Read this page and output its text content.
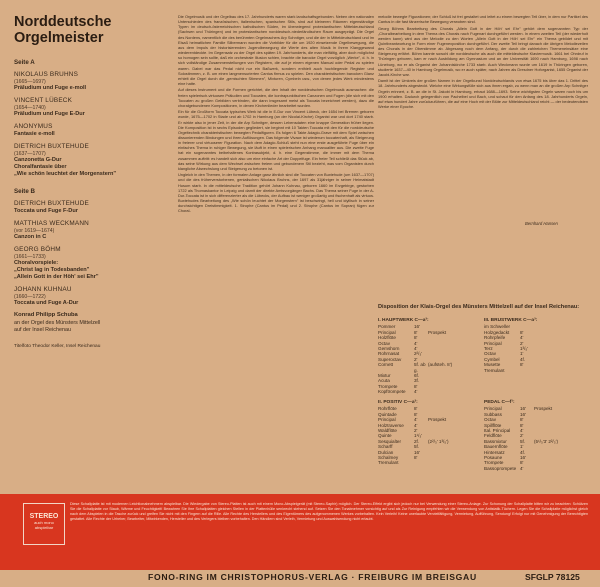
Norddeutsche
Orgelmeister
Seite A
NIKOLAUS BRUHNS
(1665—1697)
Präludium und Fuge e-moll
VINCENT LÜBECK
(1654—1740)
Präludium und Fuge E-Dur
ANONYMUS
Fantasie e-moll
DIETRICH BUXTEHUDE
(1637—1707)
Canzonetta G-Dur
Choralfantasie über
„Wie schön leuchtet der Morgenstern"
Seite B
DIETRICH BUXTEHUDE
Toccata und Fuge F-Dur
MATTHIAS WECKMANN
(vor 1619—1674)
Canzon in C
GEORG BÖHM
(1661—1733)
Choralvorspiele:
„Christ lag in Todesbanden"
„Allein Gott in der Höh' sei Ehr"
JOHANN KUHNAU
(1660—1722)
Toccata und Fuge A-Dur
Konrad Philipp Schuba
an der Orgel des Münsters Mittelzell
auf der Insel Reichenau
Titelfoto Theodor Keller, Insel Reichenau

Die Orgelmusik und der Orgelbau des 17. Jahrhunderts waren stark landschaftsgebunden. Neben den nationalen Unterschieden des französischen, italienischen, spanischen Stils, sind auf kleineren Räumen eigenständige Typen im deutsch-österreichischen katholischen Süden, im überwiegend protestantischen Mitteldeutschland (Sachsen und Thüringen) und im protestantischen norddeutsch-niederländischen Raum ausgeprägt. Die Orgel des Nordens, namentlich die des berühmten Orgelmachers Arp Schnitger, und die der in Mitteldeutschland und im Elsaß heimatlichen Familie Silbermann wurden die Vorbilder für die um 1920 einsetzende Orgelbewegung, die aus dem Impuls der historisierenden Jugendbewegung die Werte des alten Musik in ihrem Klanggewand wiederentdeckte. Im Gegensatz zu der Orgel des späten 19. Jahrhunderts, die man vielfältig, aber doch möglichst so homogen sein sollte, daß ein orchestrale Illusion schien, brachte die barocke Orgel vorzüglich „Werke", d. h. in sich vollständige Zusammenstellungen von Registern, die auf je einem eigenen Manual oder Pedal zu spielen waren. Dabei war das Pedal nicht nur ein Baßwerk, sondern enthielt auch hochliegende Register und Solostimmen, z. B. um einen langmensurierten Cantus firmus zu spielen. Den charakteristischen barocken Glanz erhielt die Orgel durch die „gemischten Stimmen", Mixturen, Cymbeln usw., von denen jedes Werk mindestens eine hatte.

Auf dieses Instrument und die Formen gerichtet, die den Inhalt der norddeutschen Orgelmusik ausmachen: die freien spielerisch-virtuosen Präludien und Toccaten, die kontrapunktischen Canzonen und Fugen (die sich mit den Toccaten zu großen Gebilden verbinden, die dann insgesamt meist als Toccata bezeichnet werden), dazu die choralgebundenen Kompositionen, in denen Kirchenlieder bearbeitet wurden.

Ein für die Großform Toccata typisches Werk ist die in E-Dur von Vincent Lübeck, der 1654 bei Bremen geboren wurde, 1675—1702 in Stade und ab 1702 in Hamburg (an der Nicolai-Kirche) Organist war und dort 1740 starb. Er wirkte also in jener Zeit, in der die Arp Schnitger, dessen Lebensdaten eine knappe Generation früher liegen. Die Komposition ist in sechs Episoden gegliedert, sie beginnt mit 10 Takten Toccata mit den für die norddeutsche Orgeltechnik charakteristischen bewegten Pedalfiguren. Es folgen 6 Takte Adagio-Grave mit dem Spiel zwischen dissonierenden Bindungen und ihren Auflösungen. Das folgende Vivace ist wiederum toccatenhaft, als Steigerung in freierer und virtuoserer Figuration. Nach dem Adagio-Schluß steht nun eine erste ausgeführte Fuge über ein einfaches Thema in ruhiger Bewegung, sie läuft in einen spielerischen Anhang manualiter aus. Die zweite Fuge hat ein sogenanntes beibehaltenes Kontrasubjekt, d. h. eine Gegenstimme, die immer mit dem Thema zusammen auftritt: es handelt sich also um eine einfache Art der Doppelfuge. Ein freier Teil schließt das Stück ab, das seine Wirkung aus dem Wechsel zwischen freiem und gebundenem Stil bezieht, was vom Organisten durch klangliche Abwechslung und Steigerung zu betonen ist.

Ungleich in den Themen, in der formalen Anlage ganz ähnlich sind die Toccaten von Buxtehude (um 1637—1707) und die des früherverstorbenen, genialischen Nikolaus Bruhns, der 1697 als 31jähriger in seiner Heimatstadt Husum starb. In die mitteldeutsche Tradition gehört Johann Kuhnau, geboren 1660 im Erzgebirge, gestorben 1722 als Thomaskantor in Leipzig und damit der direkte Amtsvorgänger Bachs. Das Thema seiner Fuge in der A-Dur-Toccata ist in sich differenzierter als die Lübecks, der Aufbau ist weniger großartig und fischenhaft als virtuos. Buxtehudes Bearbeitung des „Wie schön leuchtet der Morgenstern" ist beschwingt, hell und idyllisch in seiner durchsichtigen Dreistimmigkeit. 1. Strophe (Cantus im Pedal) und 2. Strophe (Cantus im Sopran) fügen zur Choral-

melodie bewegte Figurationen; der Schluß ist frei gestaltet und leitet zu einem bewegten Teil über, in dem nur Partikel des Cantus in die fast tänzerische Bewegung verwoben sind.

Georg Böhms Bearbeitung des Chorals „Allein Gott in der Höh' sei Ehr" gehört dem sogenannten Typ der „Choralbearbeitung in dem Thema des Chorals nach Fugenart durchgeführt werden. In einem zweiten Teil (der wiederholt werden kann) wird aus der Melodie zu den Worten „Allein Gott in der Höh' sei Ehr" ein Thema gebildet und mit Quintbeantwortung in Form einer Fugenexposition durchgeführt. Der zweite Teil bringt danach die übrigen Melodiezeilen des Chorals in der Oberstimme ab. Abgesang noch dem Anfang, der durch die zahlreichen Themeneinsätze eine Steigerung erfährt. Böhm kannte sowohl die norddeutsche als auch die mitteldeutsche Klaviermusik. 1661 bei Ohrdruf in Thüringen geboren, kam er nach Ausbildung am Gymnasium und an der Universität 1690 nach Hamburg, 1698 nach Lüneburg, wo er als Organist der Johanniskirche 1733 starb. Auch Weckmann wurde um 1619 in Thüringen geboren, studierte 1637—40 in Hamburg Orgelmusik, wo er auch später, nach Jahren als Dresdner Hoforganist, 1655 Organist der Jacobi-Kirche war.

Damit ist der Umkreis der großen Namen in der Orgelkunst Norddeutschlands von etwa 1675 bis über das 1. Drittel des 18. Jahrhunderts abgesteckt. Welche eine Wirkungsfülle sich aus ihnen ergab, zu wenn man an die großen Arp Schnitger Orgeln erinnert, z. B. an die in St. Jakobi in Hamburg, erbaut 1688—1693. Seine wichtigsten Orgeln waren noch bis um 1900 erhalten. Dadurch gelegentlich von Pachelbel und Bach, und schaut für den Anfang des 18. Jahrhunderts Orgeln, auf etwa hundert Jahre zurückzuführen, die auf eine Hoch mit der Blüte zur Mitteldeutschland reicht — der bedeutendsten Werke einer Epoche.

Bernhard Hansen
Disposition der Klais-Orgel des Münsters Mittelzell auf der Insel Reichenau:
I. HAUPTWERK C—a³:
Pommer	16'
Principal	8'	Prospekt
Holzflöte	8'
Octav	4'
Gemshorn	4'
Rohrnasat	2²/₃'
Superoctav	2'
Cornett	5f. ab g.
(aufsteh. 8')
Mixtur	6f.
Acuta	3f.
Trompete	8'
Kopftrompete	4'
II. POSITIV C—a³:
Rohrflöte	8'
Quintade	8'
Principal	4'	Prospekt
Holztraverse	4'
Waldflöte	2'
Quinte	1¹/₃'
Sesquialter	2f.	(2²/₃' 1³/₅')
Scharff	5f.
Dulcian	16'
Schalmey	8'
Tremulant
III. BRUSTWERK C—a³:
im Schweller
Holzgedackt	8'
Rohrpfeife	4'
Principal	2'
Terz	1³/₅'
Octav	1'
Cymbel	4f.
Musette	8'
Tremulant
PEDAL C—f¹:
Principal	16'	Prospekt
Subbass	16'
Octav	8'
Spillflöte	8'
Ital. Principal	4'
Feldflöte	2'
Bassmixtur	5f.	(5¹/₃'3' 2²/₃')
Bauernflöte	1'
Hintersatz	4f.
Posaune	16'
Trompete	8'
Bassoprompete 4'
STEREO
auch mono
abspielbar
Diese Schallplatte ist mit modernen Leichtlonabnehmern abspielbar. Die Wiedergabe von Stereo-Platten ist auch mit einem Mono-Abspielgerät (mit Stereo-Saphir) möglich. Der Stereo-Effekt ergibt sich jedoch nur bei Verwendung einer Stereo-Anlage. Zur Schonung der Schallplatte bitten wir zu beachten: Schützen Sie die Schallplatte vor Staub, Wärme und Feuchtigkeit! Bewahren Sie Ihre Schallplatten gleichen Stellen in der Plattenhülle senkrecht stehend auf. Setzen Sie den Tonabnehmer vorsichtig auf und als Zur Reinigung empfehlen wir die Verwendung von Antistatik-Tüchern. Legen Sie die Schallplatte möglichst gleich nach dem Abspielen in die Tasche zurück und greifen Sie nicht mit den Fingern auf die Rille. Alle Rechte des Herstellers und des Eigentümers des aufgenommenen Werkes vorbehalten. Kein Verleih! Keine unerlaubte Vervielfältigung, Vermietung, Aufführung, Sendung! Erfolgt nur mit Genehmigung der Berechtigten gestattet. Alle Rechte der Urheber, Bearbeiter, Mitwirkenden, Hersteller und des Verlegers bleiben vorbehalten. Den Händlern sind Verleih, Vermietung und Auswahlsendung nicht erlaubt.
FONO-RING IM CHRISTOPHORUS-VERLAG · FREIBURG IM BREISGAU	SFGLP 78125
